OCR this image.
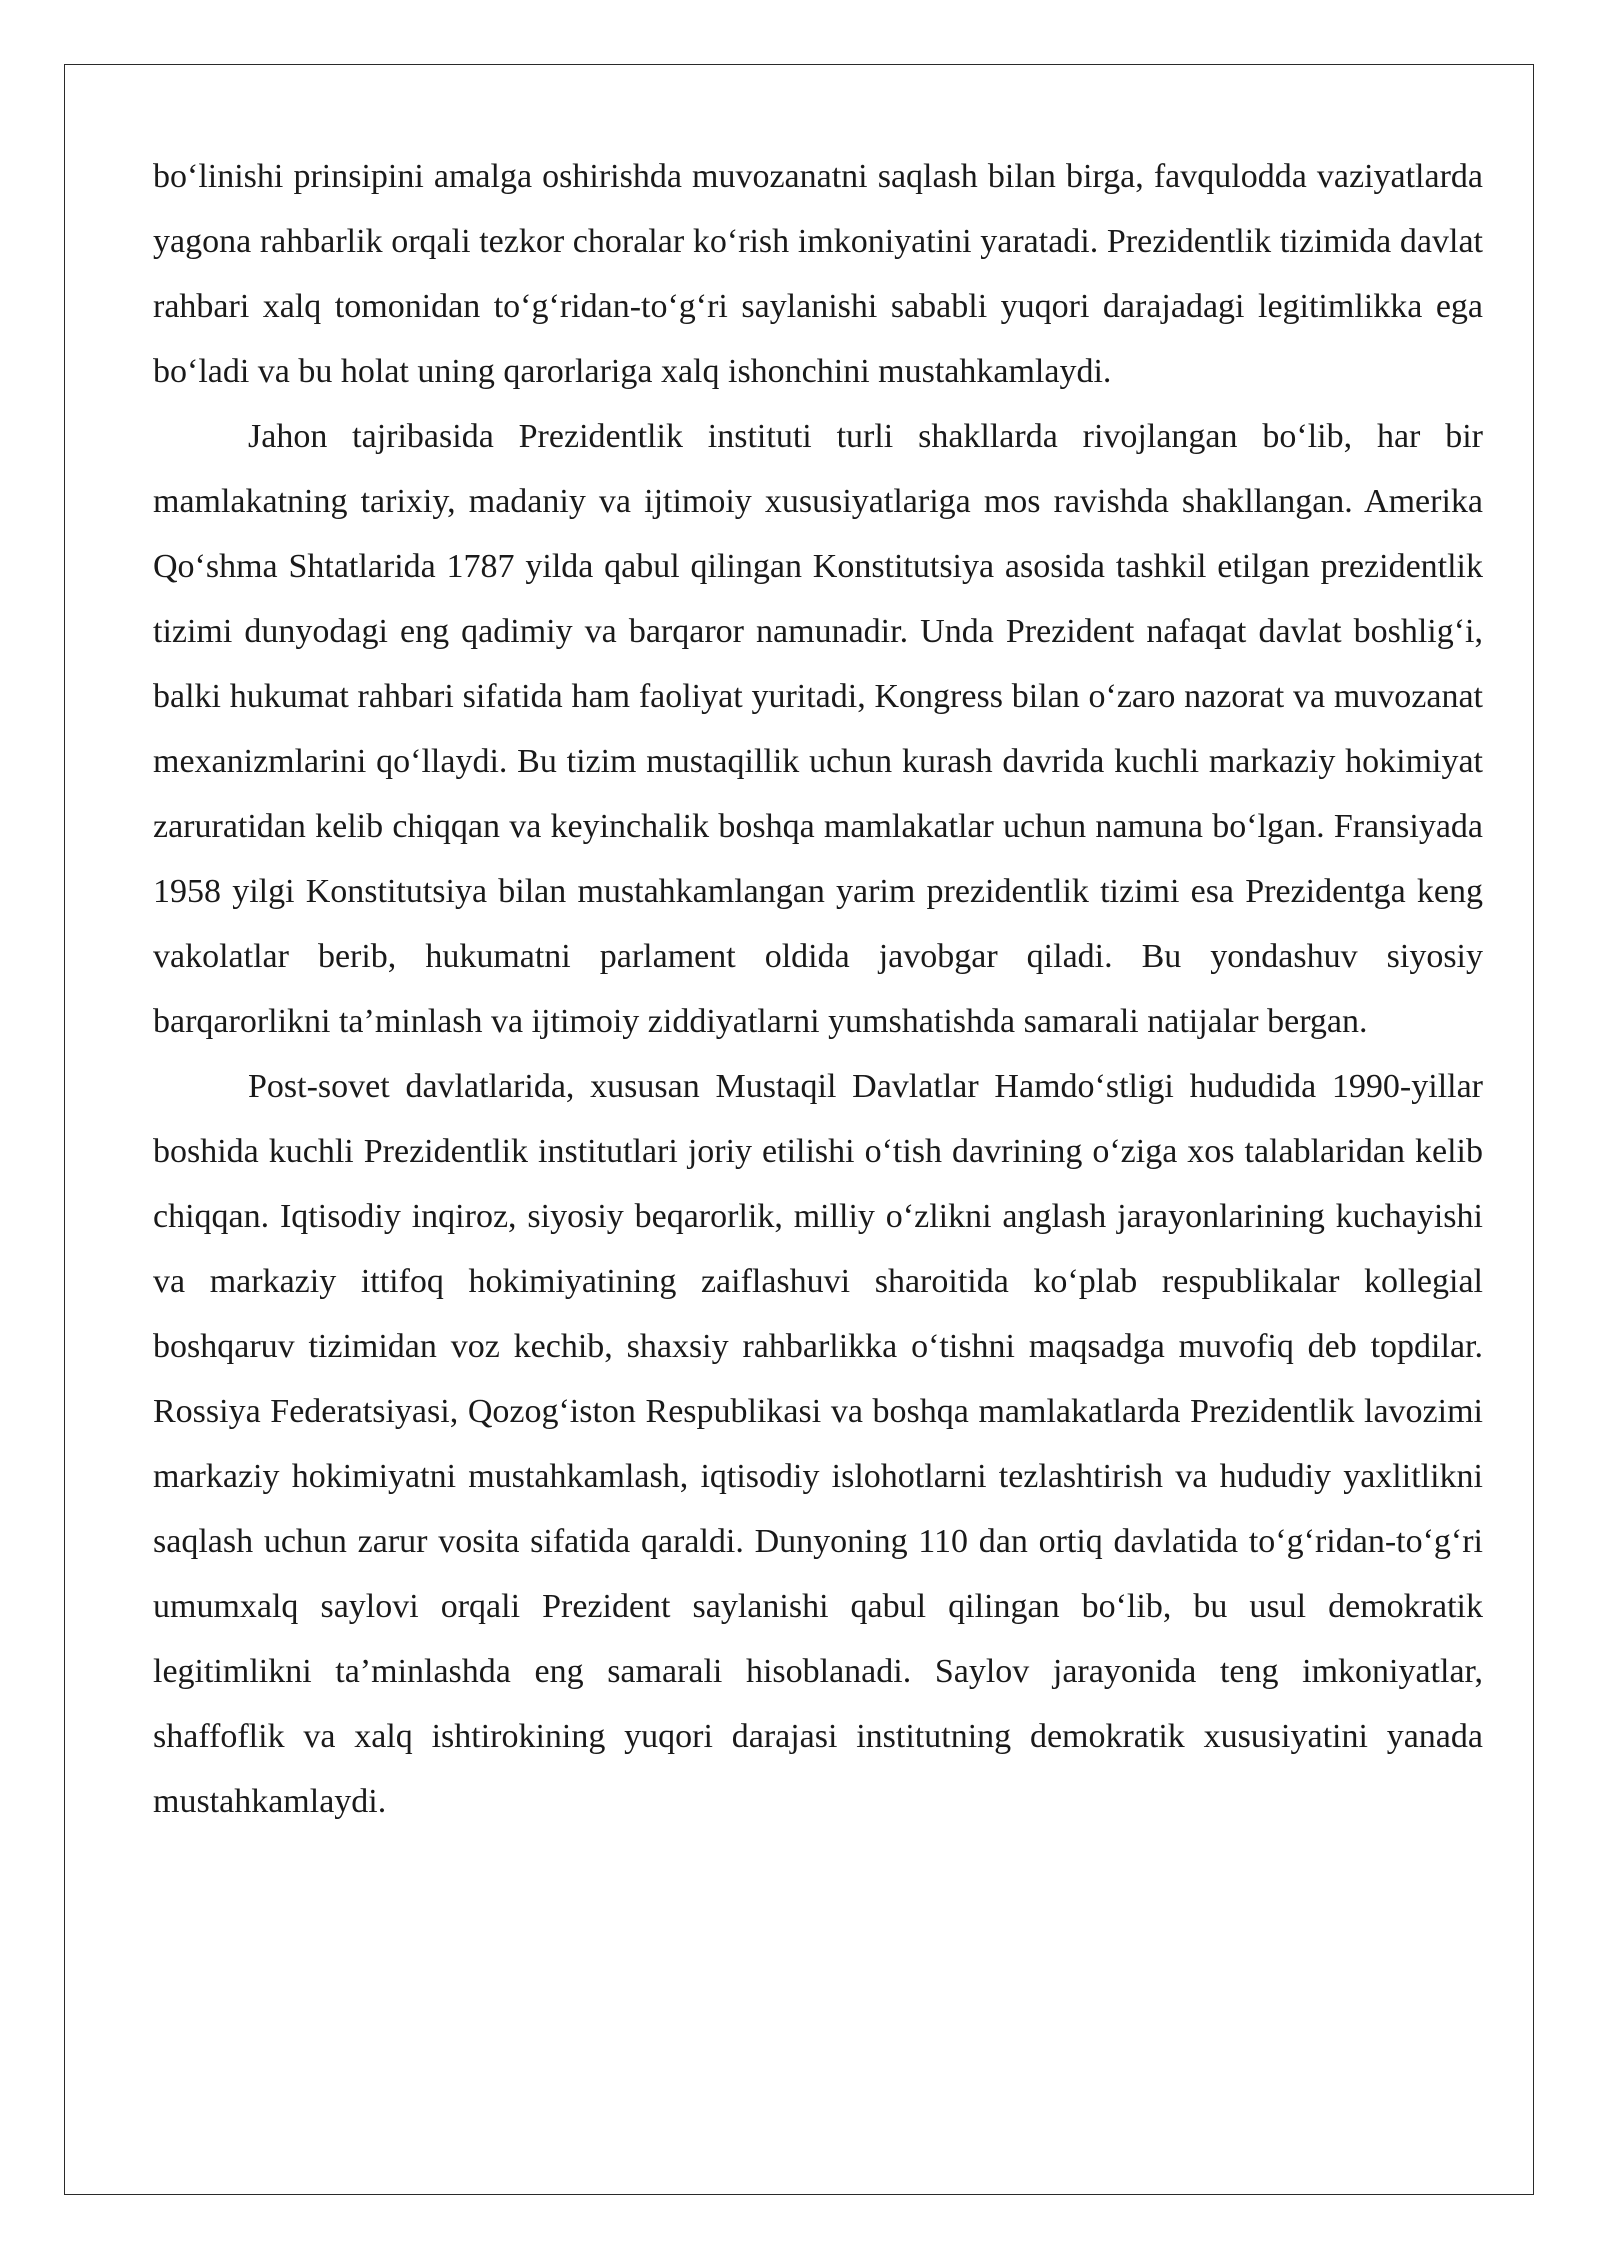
bo‘linishi prinsipini amalga oshirishda muvozanatni saqlash bilan birga, favqulodda vaziyatlarda yagona rahbarlik orqali tezkor choralar ko‘rish imkoniyatini yaratadi. Prezidentlik tizimida davlat rahbari xalq tomonidan to‘g‘ridan-to‘g‘ri saylanishi sababli yuqori darajadagi legitimlikka ega bo‘ladi va bu holat uning qarorlariga xalq ishonchini mustahkamlaydi.

Jahon tajribasida Prezidentlik instituti turli shakllarda rivojlangan bo‘lib, har bir mamlakatning tarixiy, madaniy va ijtimoiy xususiyatlariga mos ravishda shakllangan. Amerika Qo‘shma Shtatlarida 1787 yilda qabul qilingan Konstitutsiya asosida tashkil etilgan prezidentlik tizimi dunyodagi eng qadimiy va barqaror namunadir. Unda Prezident nafaqat davlat boshlig‘i, balki hukumat rahbari sifatida ham faoliyat yuritadi, Kongress bilan o‘zaro nazorat va muvozanat mexanizmlarini qo‘llaydi. Bu tizim mustaqillik uchun kurash davrida kuchli markaziy hokimiyat zaruratidan kelib chiqqan va keyinchalik boshqa mamlakatlar uchun namuna bo‘lgan. Fransiyada 1958 yilgi Konstitutsiya bilan mustahkamlangan yarim prezidentlik tizimi esa Prezidentga keng vakolatlar berib, hukumatni parlament oldida javobgar qiladi. Bu yondashuv siyosiy barqarorlikni ta’minlash va ijtimoiy ziddiyatlarni yumshatishda samarali natijalar bergan.

Post-sovet davlatlarida, xususan Mustaqil Davlatlar Hamdo‘stligi hududida 1990-yillar boshida kuchli Prezidentlik institutlari joriy etilishi o‘tish davrining o‘ziga xos talablaridan kelib chiqqan. Iqtisodiy inqiroz, siyosiy beqarorlik, milliy o‘zlikni anglash jarayonlarining kuchayishi va markaziy ittifoq hokimiyatining zaiflashuvi sharoitida ko‘plab respublikalar kollegial boshqaruv tizimidan voz kechib, shaxsiy rahbarlikka o‘tishni maqsadga muvofiq deb topdilar. Rossiya Federatsiyasi, Qozog‘iston Respublikasi va boshqa mamlakatlarda Prezidentlik lavozimi markaziy hokimiyatni mustahkamlash, iqtisodiy islohotlarni tezlashtirish va hududiy yaxlitlikni saqlash uchun zarur vosita sifatida qaraldi. Dunyoning 110 dan ortiq davlatida to‘g‘ridan-to‘g‘ri umumxalq saylovi orqali Prezident saylanishi qabul qilingan bo‘lib, bu usul demokratik legitimlikni ta’minlashda eng samarali hisoblanadi. Saylov jarayonida teng imkoniyatlar, shaffoflik va xalq ishtirokining yuqori darajasi institutning demokratik xususiyatini yanada mustahkamlaydi.
